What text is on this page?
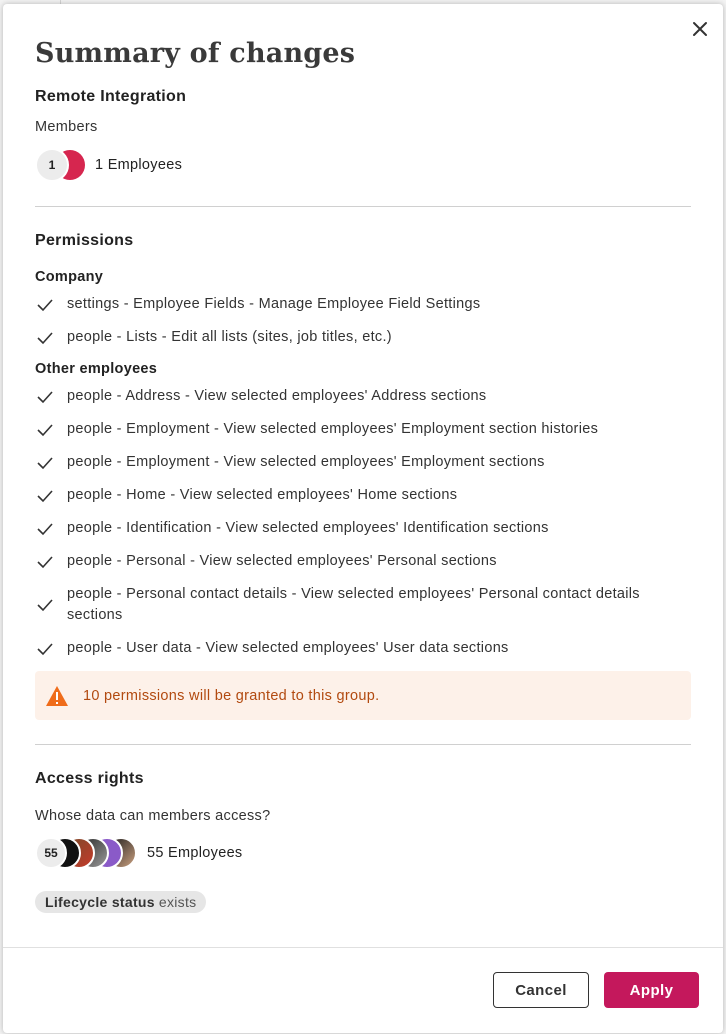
Summary of changes
Remote Integration
Members
1	1 Employees
Permissions
Company
settings - Employee Fields - Manage Employee Field Settings
people - Lists - Edit all lists (sites, job titles, etc.)
Other employees
people - Address - View selected employees' Address sections
people - Employment - View selected employees' Employment section histories
people - Employment - View selected employees' Employment sections
people - Home - View selected employees' Home sections
people - Identification - View selected employees' Identification sections
people - Personal - View selected employees' Personal sections
people - Personal contact details - View selected employees' Personal contact details sections
people - User data - View selected employees' User data sections
10 permissions will be granted to this group.
Access rights
Whose data can members access?
55	55 Employees
Lifecycle status exists
Cancel	Apply
